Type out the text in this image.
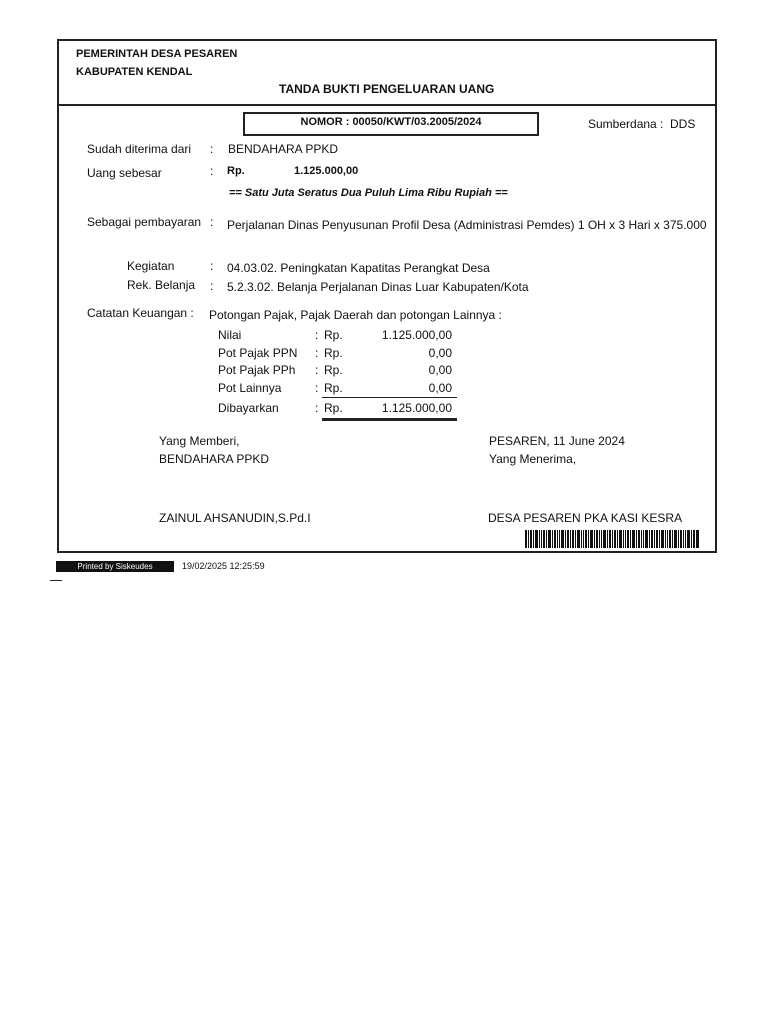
PEMERINTAH DESA PESAREN
KABUPATEN KENDAL
TANDA BUKTI PENGELUARAN UANG
NOMOR : 00050/KWT/03.2005/2024	Sumberdana : DDS
Sudah diterima dari : BENDAHARA PPKD
Uang sebesar	: Rp.	1.125.000,00
== Satu Juta Seratus Dua Puluh Lima Ribu Rupiah ==
Sebagai pembayaran : Perjalanan Dinas Penyusunan Profil Desa (Administrasi Pemdes) 1 OH x 3 Hari x 375.000
Kegiatan	: 04.03.02. Peningkatan Kapatitas Perangkat Desa
Rek. Belanja : 5.2.3.02. Belanja Perjalanan Dinas Luar Kabupaten/Kota
Catatan Keuangan : Potongan Pajak, Pajak Daerah dan potongan Lainnya :
Nilai	: Rp.	1.125.000,00
Pot Pajak PPN : Rp.	0,00
Pot Pajak PPh : Rp.	0,00
Pot Lainnya	: Rp.	0,00
Dibayarkan	: Rp.	1.125.000,00
Yang Memberi,
BENDAHARA PPKD
ZAINUL AHSANUDIN,S.Pd.I
PESAREN, 11 June 2024
Yang Menerima,
DESA PESAREN PKA KASI KESRA
Printed by Siskeudes	19/02/2025 12:25:59
